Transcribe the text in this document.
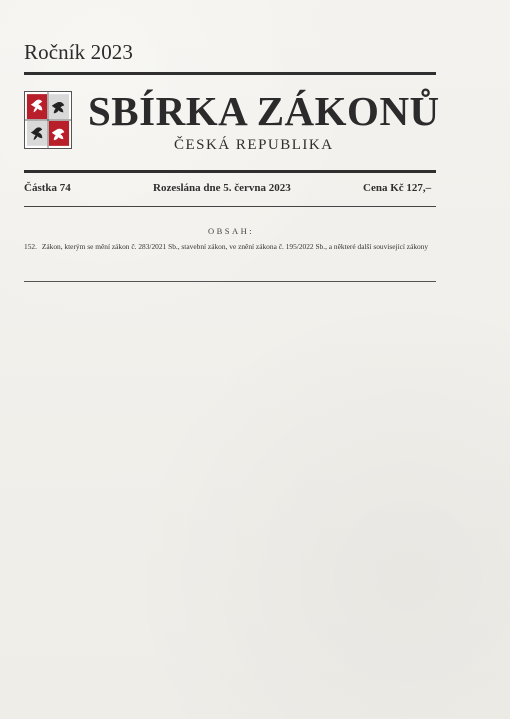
Ročník 2023
SBÍRKA ZÁKONŮ
ČESKÁ REPUBLIKA
Částka 74	Rozeslána dne 5. června 2023	Cena Kč 127,–
OBSAH:
152. Zákon, kterým se mění zákon č. 283/2021 Sb., stavební zákon, ve znění zákona č. 195/2022 Sb., a některé další související zákony
